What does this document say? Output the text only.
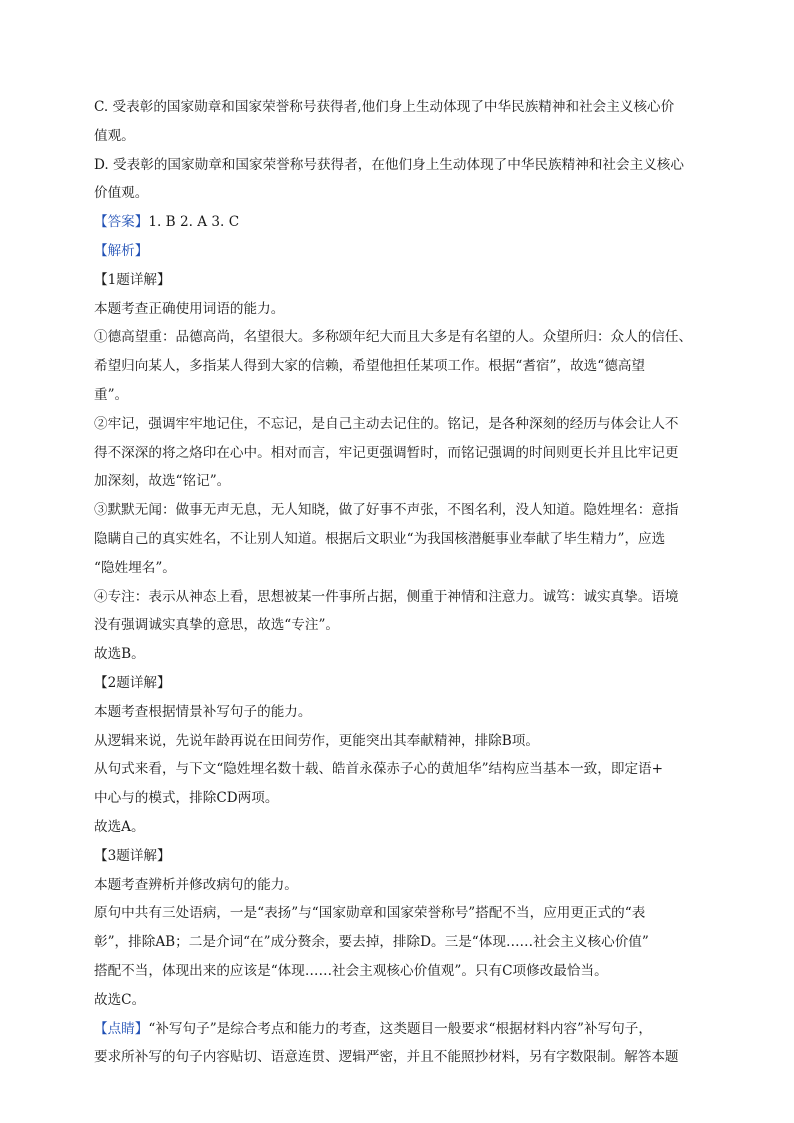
C. 受表彰的国家勋章和国家荣誉称号获得者,他们身上生动体现了中华民族精神和社会主义核心价
值观。
D. 受表彰的国家勋章和国家荣誉称号获得者，在他们身上生动体现了中华民族精神和社会主义核心
价值观。
【答案】1. B 2. A 3. C
【解析】
【1题详解】
本题考查正确使用词语的能力。
①德高望重：品德高尚，名望很大。多称颂年纪大而且大多是有名望的人。众望所归：众人的信任、
希望归向某人，多指某人得到大家的信赖，希望他担任某项工作。根据“耆宿”，故选“德高望
重”。
②牢记，强调牢牢地记住，不忘记，是自己主动去记住的。铭记，是各种深刻的经历与体会让人不
得不深深的将之烙印在心中。相对而言，牢记更强调暂时，而铭记强调的时间则更长并且比牢记更
加深刻，故选“铭记”。
③默默无闻：做事无声无息，无人知晓，做了好事不声张，不图名利，没人知道。隐姓埋名：意指
隐瞒自己的真实姓名，不让别人知道。根据后文职业“为我国核潜艇事业奉献了毕生精力”，应选
“隐姓埋名”。
④专注：表示从神态上看，思想被某一件事所占据，侧重于神情和注意力。诚笃：诚实真挚。语境
没有强调诚实真挚的意思，故选“专注”。
故选B。
【2题详解】
本题考查根据情景补写句子的能力。
从逻辑来说，先说年龄再说在田间劳作，更能突出其奉献精神，排除B项。
从句式来看，与下文“隐姓埋名数十载、皓首永葆赤子心的黄旭华”结构应当基本一致，即定语+
中心与的模式，排除CD两项。
故选A。
【3题详解】
本题考查辨析并修改病句的能力。
原句中共有三处语病，一是“表扬”与“国家勋章和国家荣誉称号”搭配不当，应用更正式的“表
彰”，排除AB；二是介词“在”成分赘余，要去掉，排除D。三是“体现……社会主义核心价值”
搭配不当，体现出来的应该是“体现……社会主观核心价值观”。只有C项修改最恰当。
故选C。
【点睛】“补写句子”是综合考点和能力的考查，这类题目一般要求“根据材料内容”补写句子，
要求所补写的句子内容贴切、语意连贯、逻辑严密，并且不能照抄材料，另有字数限制。解答本题
